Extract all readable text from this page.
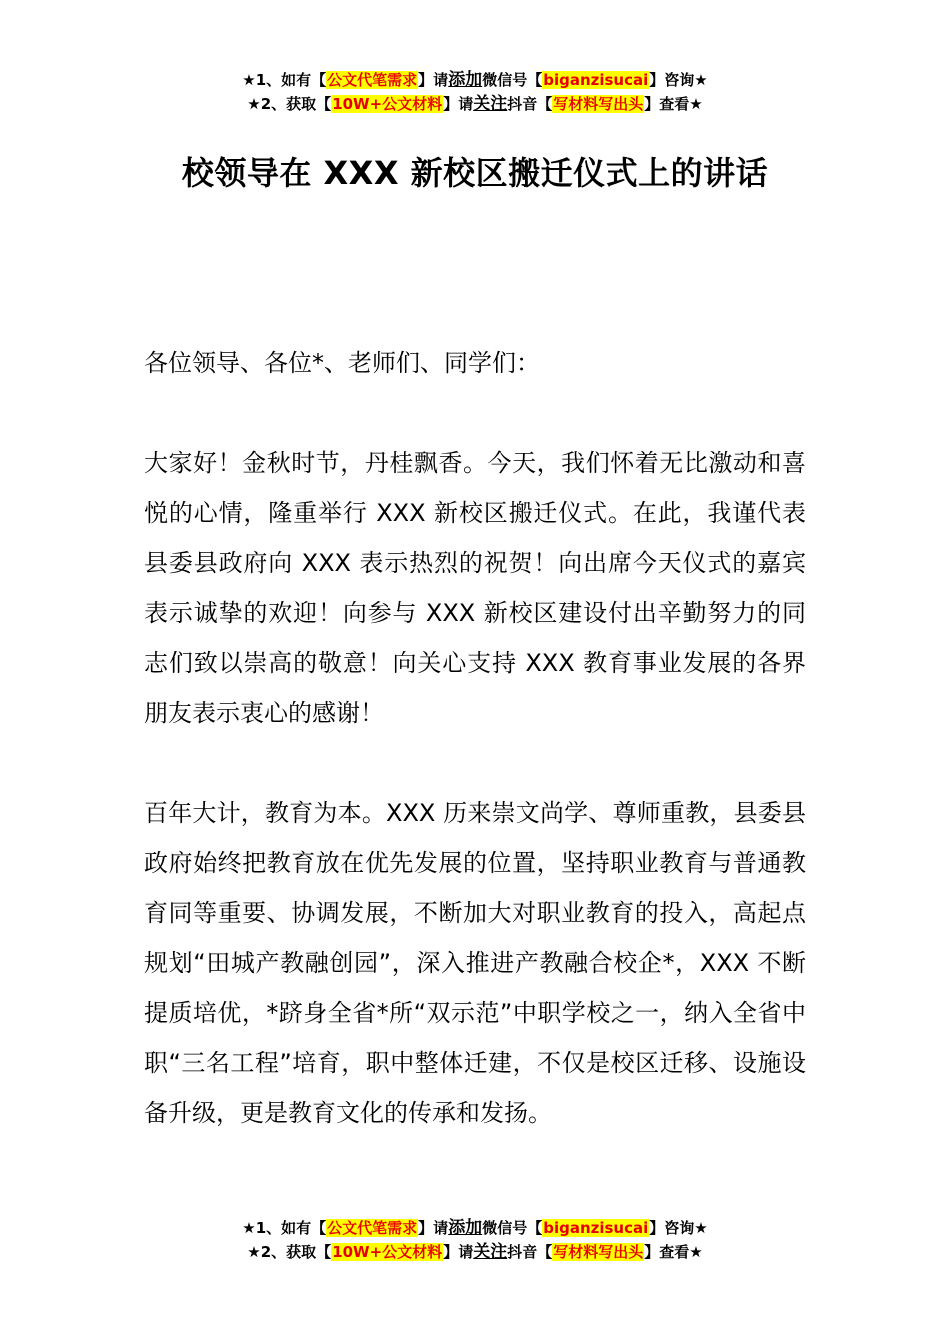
★1、如有【公文代笔需求】请添加微信号【biganzisucai】咨询★
★2、获取【10W+公文材料】请关注抖音【写材料写出头】查看★
校领导在 XXX 新校区搬迁仪式上的讲话

各位领导、各位*、老师们、同学们：

大家好！金秋时节，丹桂飘香。今天，我们怀着无比激动和喜悦的心情，隆重举行 XXX 新校区搬迁仪式。在此，我谨代表县委县政府向 XXX 表示热烈的祝贺！向出席今天仪式的嘉宾表示诚挚的欢迎！向参与 XXX 新校区建设付出辛勤努力的同志们致以崇高的敬意！向关心支持 XXX 教育事业发展的各界朋友表示衷心的感谢！

百年大计，教育为本。XXX 历来崇文尚学、尊师重教，县委县政府始终把教育放在优先发展的位置，坚持职业教育与普通教育同等重要、协调发展，不断加大对职业教育的投入，高起点规划“田城产教融创园”，深入推进产教融合校企*，XXX 不断提质培优，*跻身全省*所“双示范”中职学校之一，纳入全省中职“三名工程”培育，职中整体迁建，不仅是校区迁移、设施设备升级，更是教育文化的传承和发扬。

★1、如有【公文代笔需求】请添加微信号【biganzisucai】咨询★
★2、获取【10W+公文材料】请关注抖音【写材料写出头】查看★
